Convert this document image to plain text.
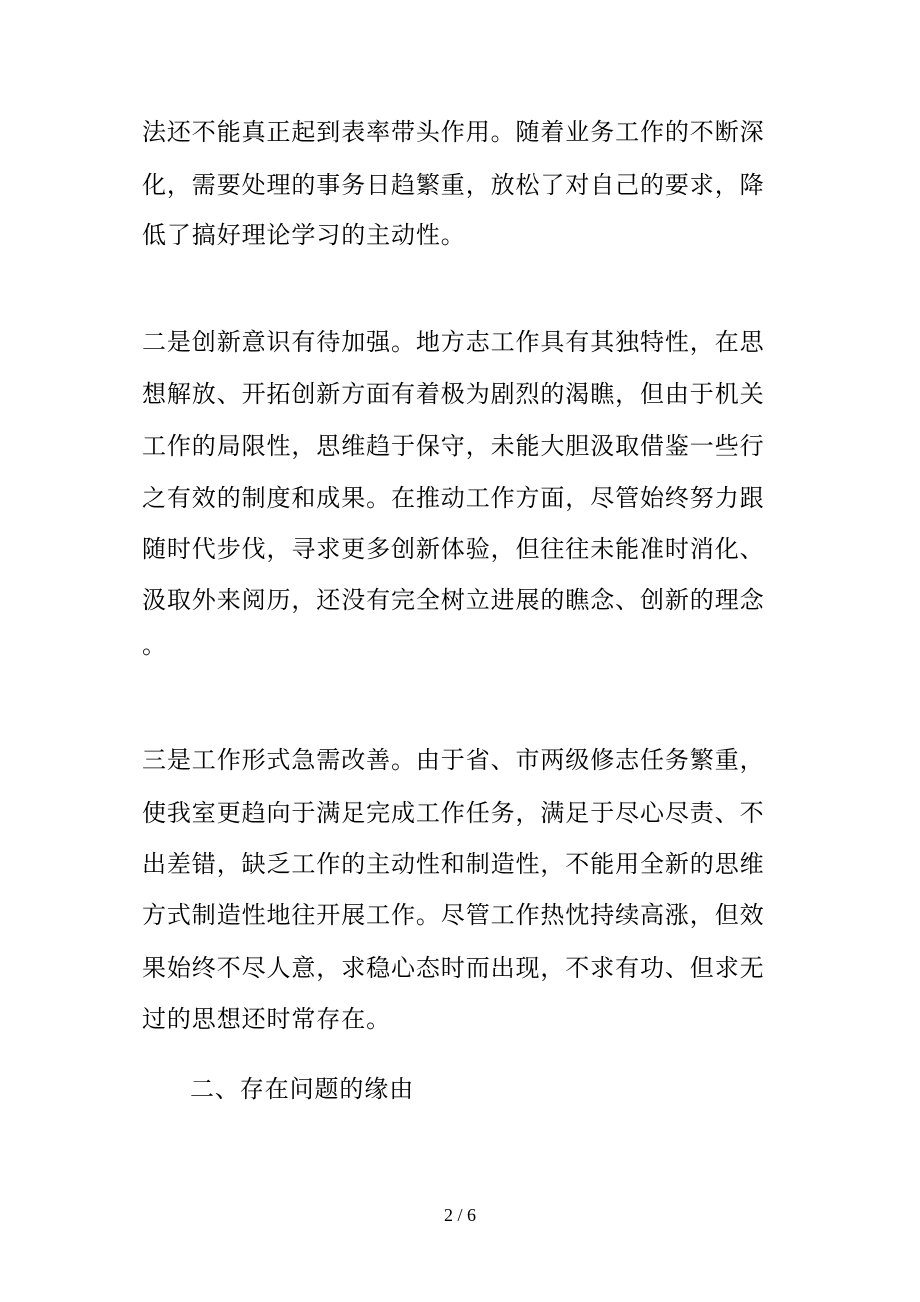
法还不能真正起到表率带头作用。随着业务工作的不断深
化，需要处理的事务日趋繁重，放松了对自己的要求，降
低了搞好理论学习的主动性。
二是创新意识有待加强。地方志工作具有其独特性，在思
想解放、开拓创新方面有着极为剧烈的渴瞧，但由于机关
工作的局限性，思维趋于保守，未能大胆汲取借鉴一些行
之有效的制度和成果。在推动工作方面，尽管始终努力跟
随时代步伐，寻求更多创新体验，但往往未能准时消化、
汲取外来阅历，还没有完全树立进展的瞧念、创新的理念
。
三是工作形式急需改善。由于省、市两级修志任务繁重，
使我室更趋向于满足完成工作任务，满足于尽心尽责、不
出差错，缺乏工作的主动性和制造性，不能用全新的思维
方式制造性地往开展工作。尽管工作热忱持续高涨，但效
果始终不尽人意，求稳心态时而出现，不求有功、但求无
过的思想还时常存在。
二、存在问题的缘由
2 / 6
